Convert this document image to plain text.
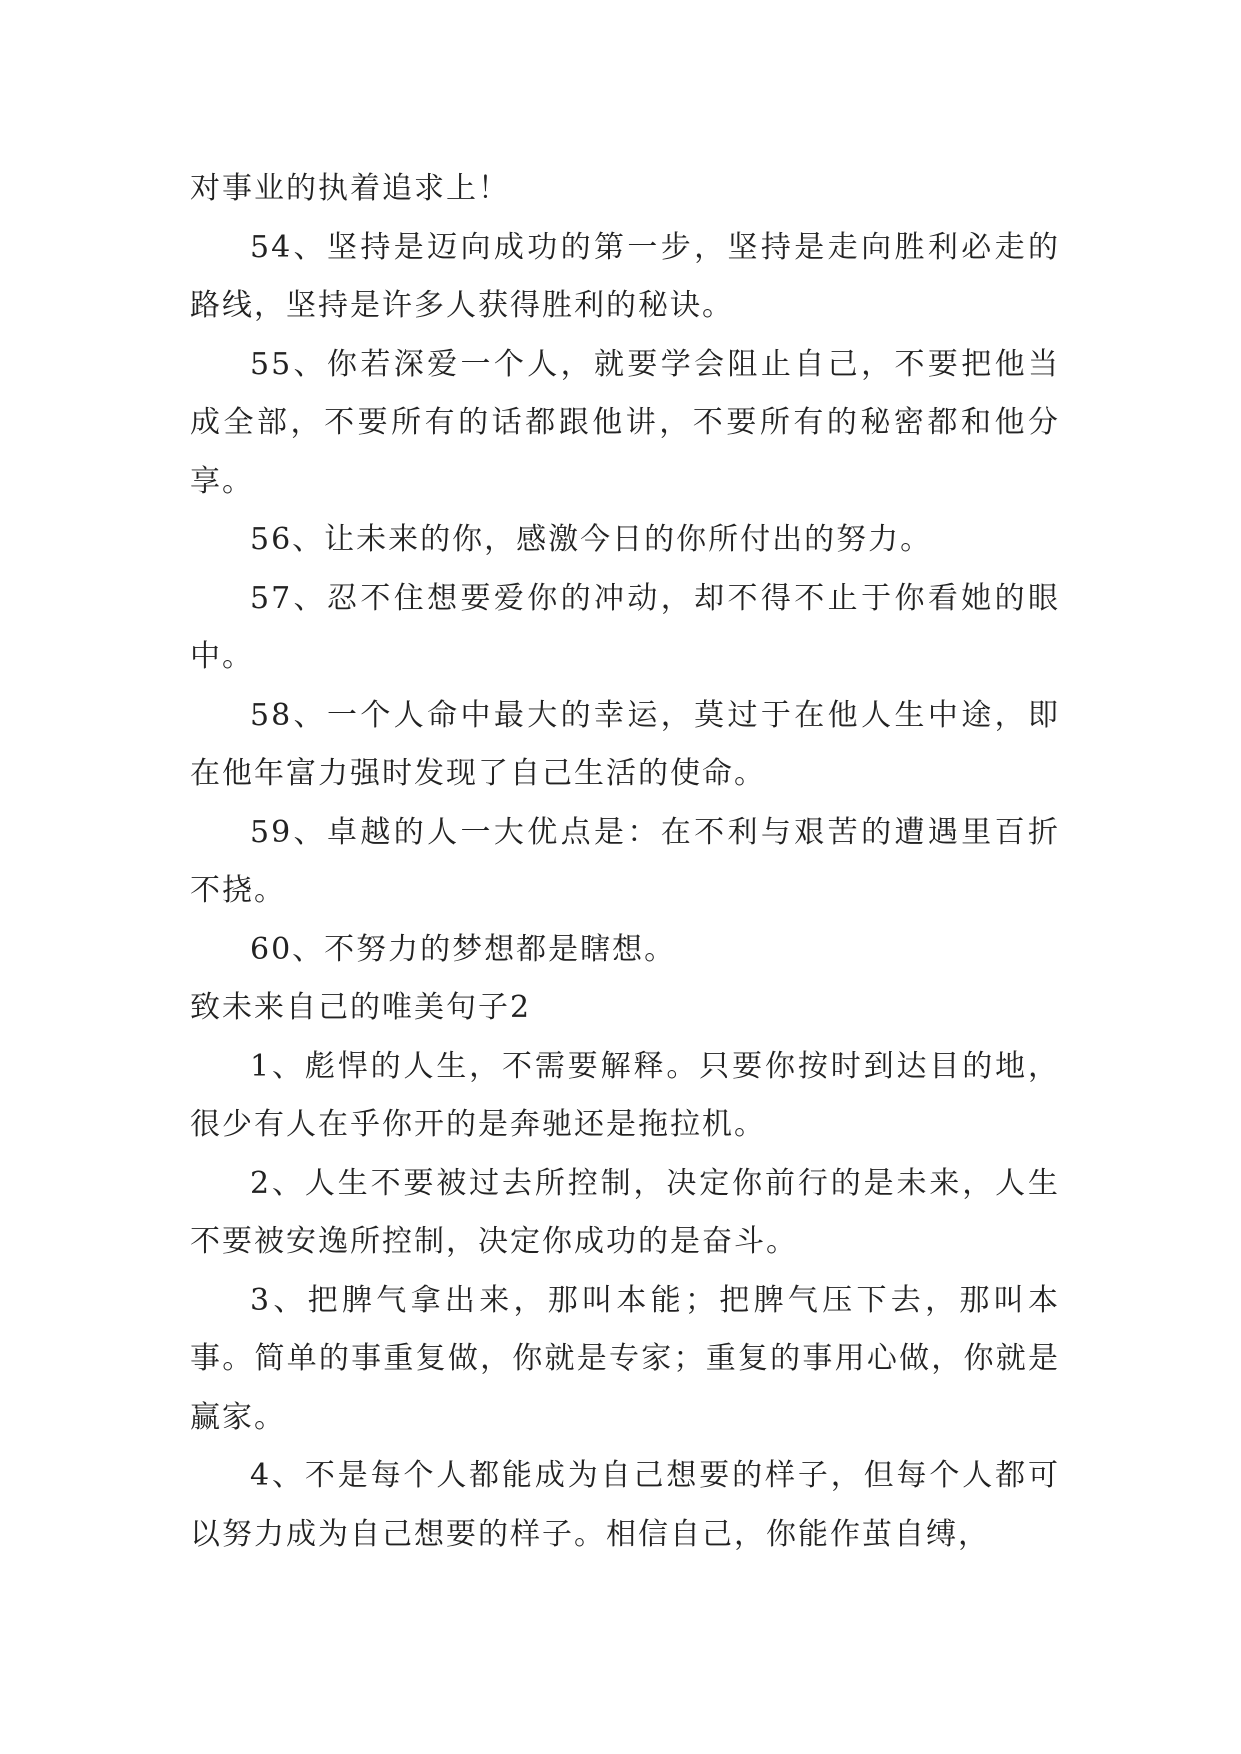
对事业的执着追求上！

54、坚持是迈向成功的第一步，坚持是走向胜利必走的路线，坚持是许多人获得胜利的秘诀。

55、你若深爱一个人，就要学会阻止自己，不要把他当成全部，不要所有的话都跟他讲，不要所有的秘密都和他分享。

56、让未来的你，感激今日的你所付出的努力。

57、忍不住想要爱你的冲动，却不得不止于你看她的眼中。

58、一个人命中最大的幸运，莫过于在他人生中途，即在他年富力强时发现了自己生活的使命。

59、卓越的人一大优点是：在不利与艰苦的遭遇里百折不挠。

60、不努力的梦想都是瞎想。

致未来自己的唯美句子2

1、彪悍的人生，不需要解释。只要你按时到达目的地，很少有人在乎你开的是奔驰还是拖拉机。

2、人生不要被过去所控制，决定你前行的是未来，人生不要被安逸所控制，决定你成功的是奋斗。

3、把脾气拿出来，那叫本能；把脾气压下去，那叫本事。简单的事重复做，你就是专家；重复的事用心做，你就是赢家。

4、不是每个人都能成为自己想要的样子，但每个人都可以努力成为自己想要的样子。相信自己，你能作茧自缚，
